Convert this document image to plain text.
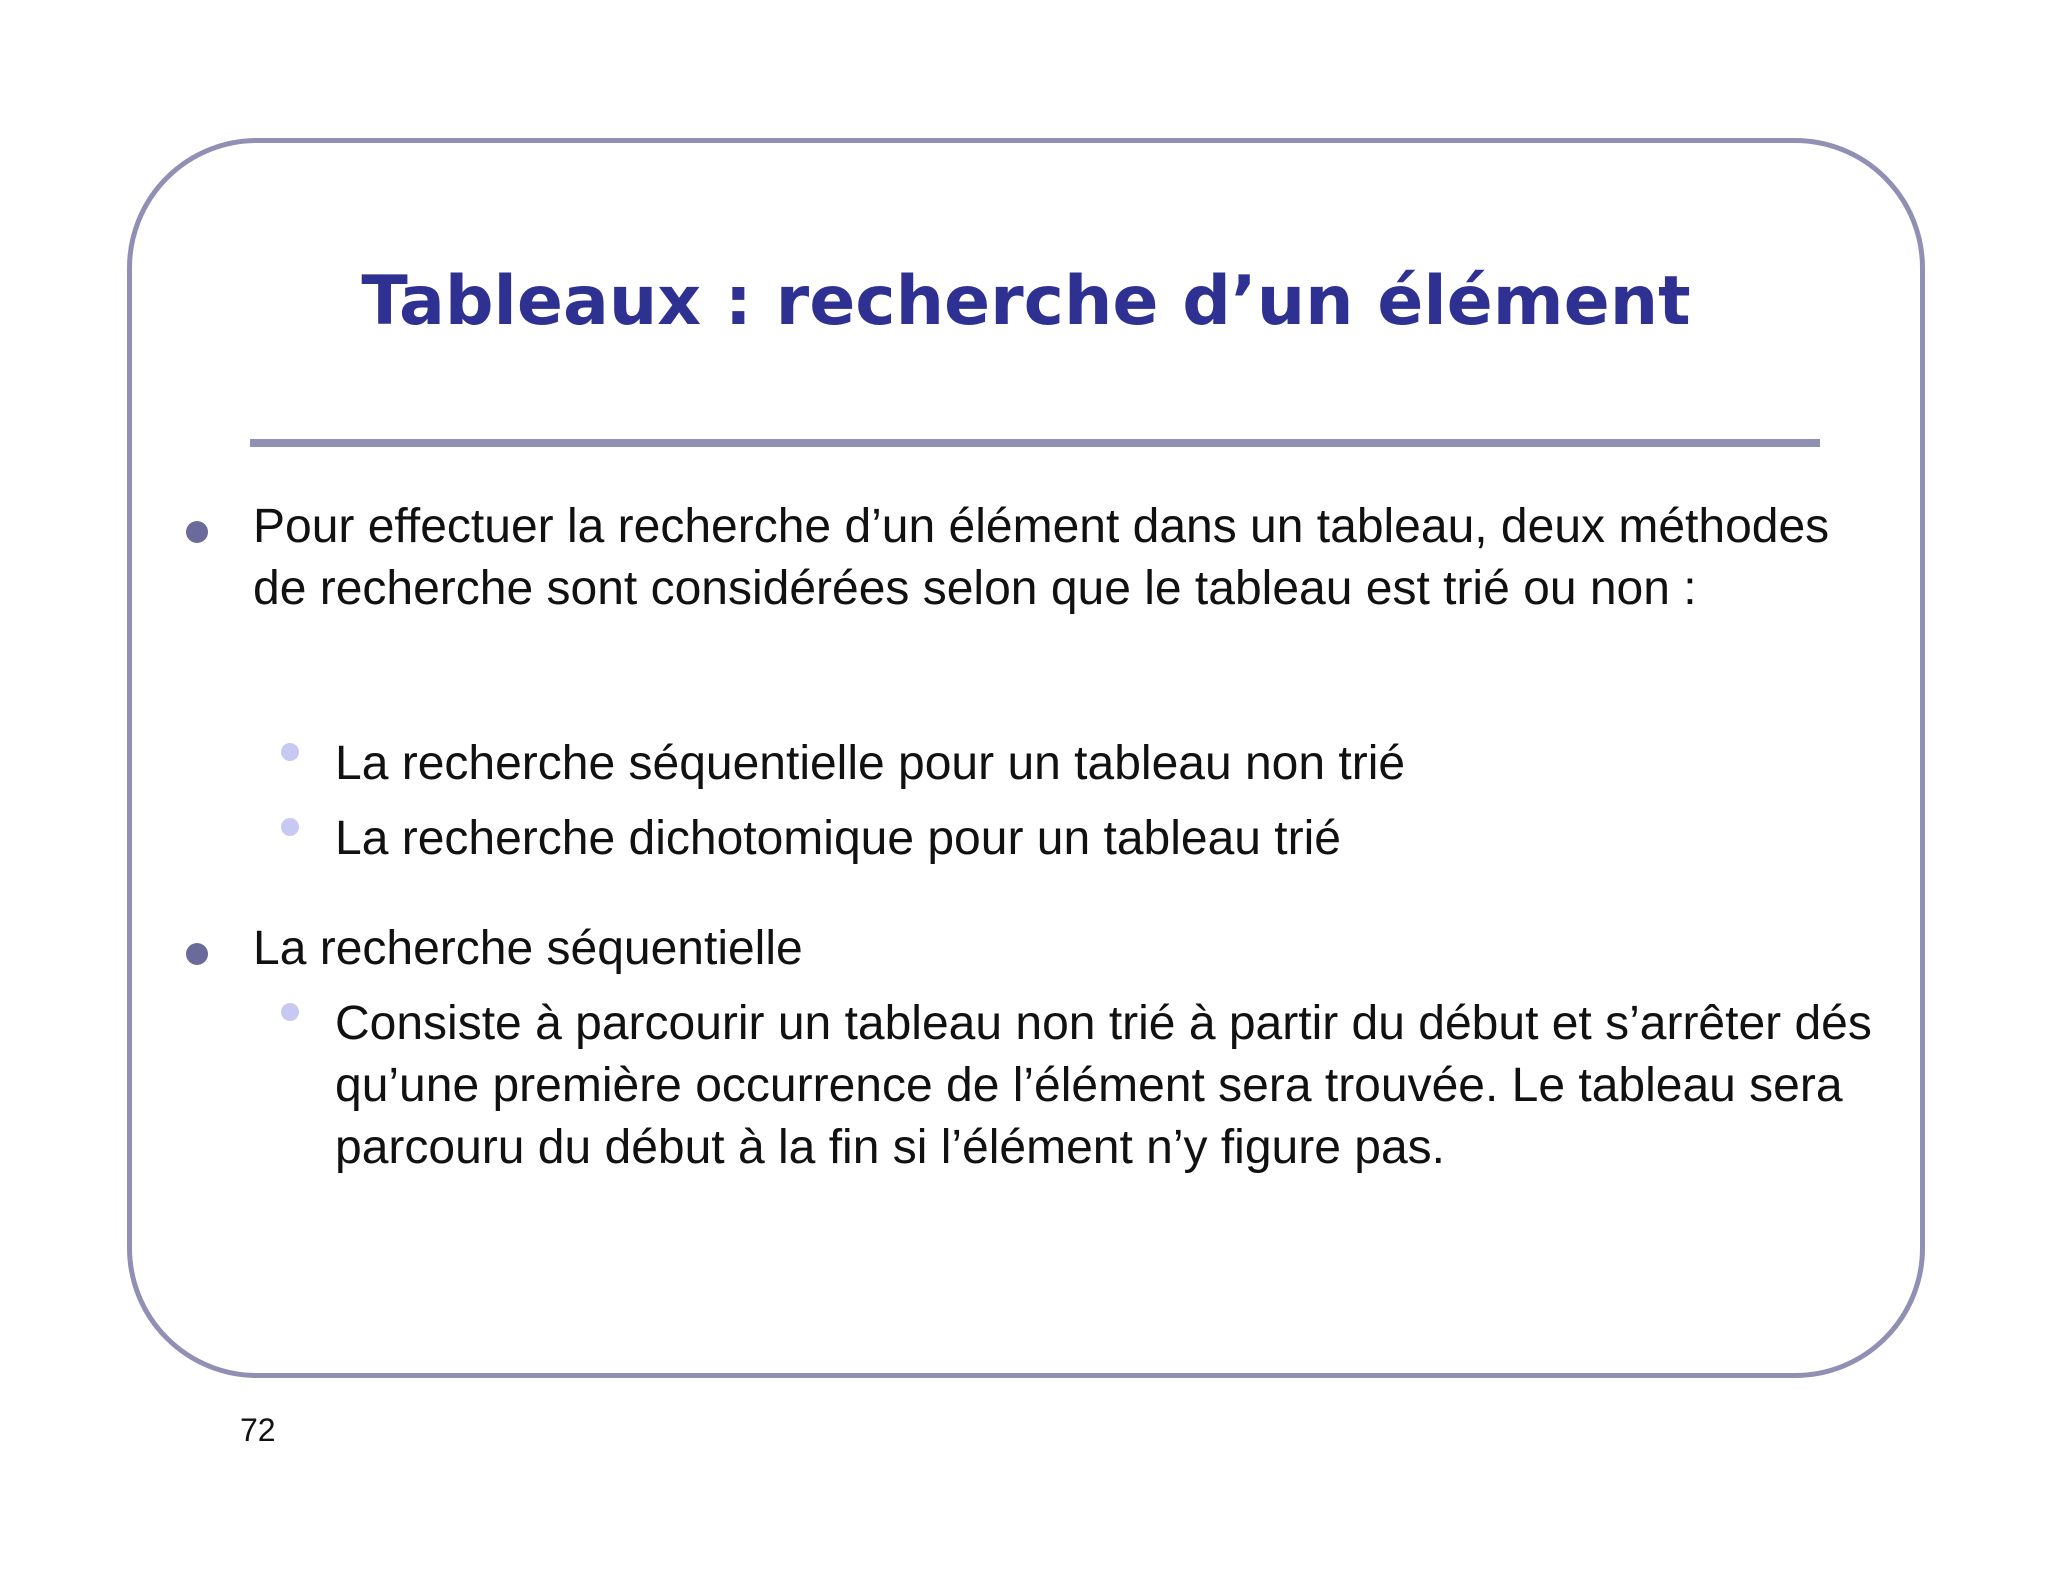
Tableaux : recherche d’un élément
Pour effectuer la recherche d’un élément dans un tableau, deux méthodes de recherche sont considérées selon que le tableau est trié ou non :
La recherche séquentielle pour un tableau non trié
La recherche dichotomique pour un tableau trié
La recherche séquentielle
Consiste à parcourir un tableau non trié à partir du début et s’arrêter dés qu’une première occurrence de l’élément sera trouvée. Le tableau sera parcouru du début à la fin si l’élément n’y figure pas.
72
